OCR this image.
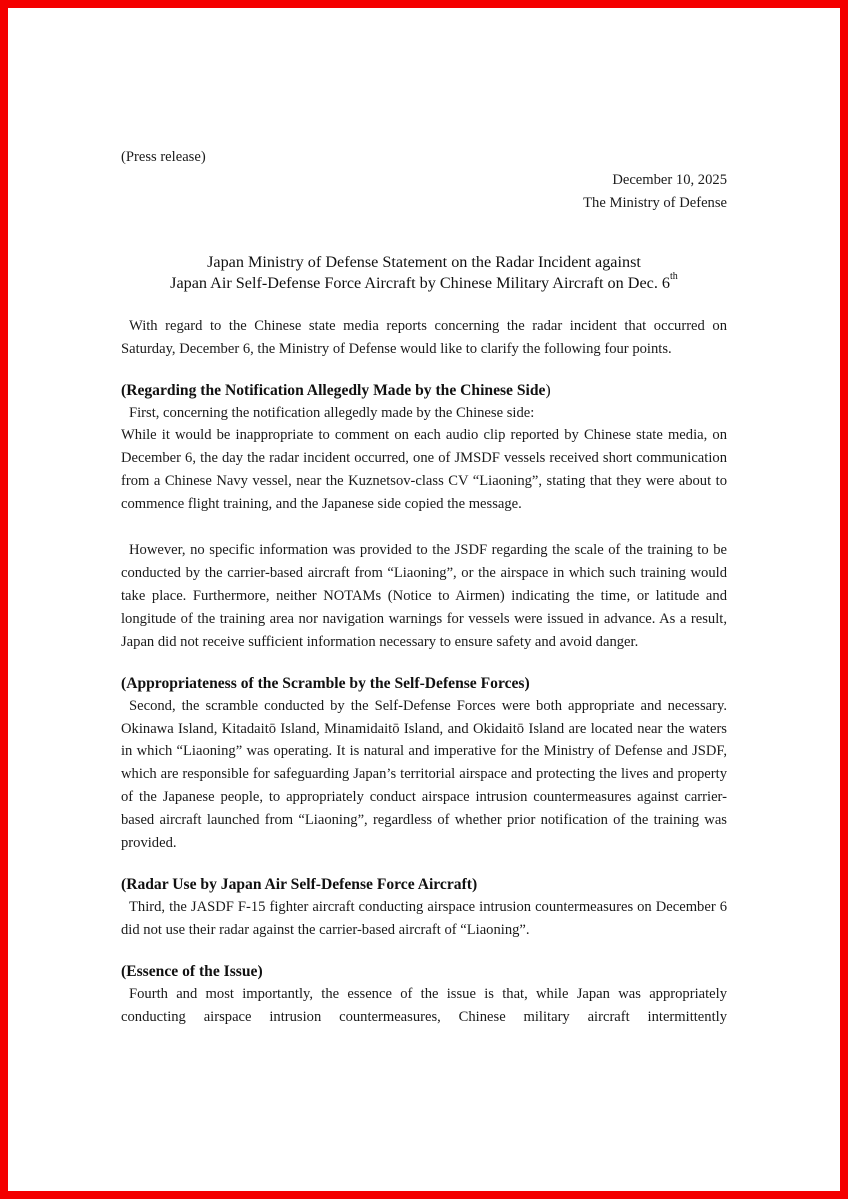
(Press release)

December 10, 2025

The Ministry of Defense

Japan Ministry of Defense Statement on the Radar Incident against
Japan Air Self-Defense Force Aircraft by Chinese Military Aircraft on Dec. 6th

With regard to the Chinese state media reports concerning the radar incident that occurred on Saturday, December 6, the Ministry of Defense would like to clarify the following four points.

(Regarding the Notification Allegedly Made by the Chinese Side)

First, concerning the notification allegedly made by the Chinese side:

While it would be inappropriate to comment on each audio clip reported by Chinese state media, on December 6, the day the radar incident occurred, one of JMSDF vessels received short communication from a Chinese Navy vessel, near the Kuznetsov-class CV “Liaoning”, stating that they were about to commence flight training, and the Japanese side copied the message.

However, no specific information was provided to the JSDF regarding the scale of the training to be conducted by the carrier-based aircraft from “Liaoning”, or the airspace in which such training would take place. Furthermore, neither NOTAMs (Notice to Airmen) indicating the time, or latitude and longitude of the training area nor navigation warnings for vessels were issued in advance. As a result, Japan did not receive sufficient information necessary to ensure safety and avoid danger.

(Appropriateness of the Scramble by the Self-Defense Forces)

Second, the scramble conducted by the Self-Defense Forces were both appropriate and necessary. Okinawa Island, Kitadaitō Island, Minamidaitō Island, and Okidaitō Island are located near the waters in which “Liaoning” was operating. It is natural and imperative for the Ministry of Defense and JSDF, which are responsible for safeguarding Japan’s territorial airspace and protecting the lives and property of the Japanese people, to appropriately conduct airspace intrusion countermeasures against carrier-based aircraft launched from “Liaoning”, regardless of whether prior notification of the training was provided.

(Radar Use by Japan Air Self-Defense Force Aircraft)

Third, the JASDF F-15 fighter aircraft conducting airspace intrusion countermeasures on December 6 did not use their radar against the carrier-based aircraft of “Liaoning”.

(Essence of the Issue)

Fourth and most importantly, the essence of the issue is that, while Japan was appropriately conducting airspace intrusion countermeasures, Chinese military aircraft intermittently
